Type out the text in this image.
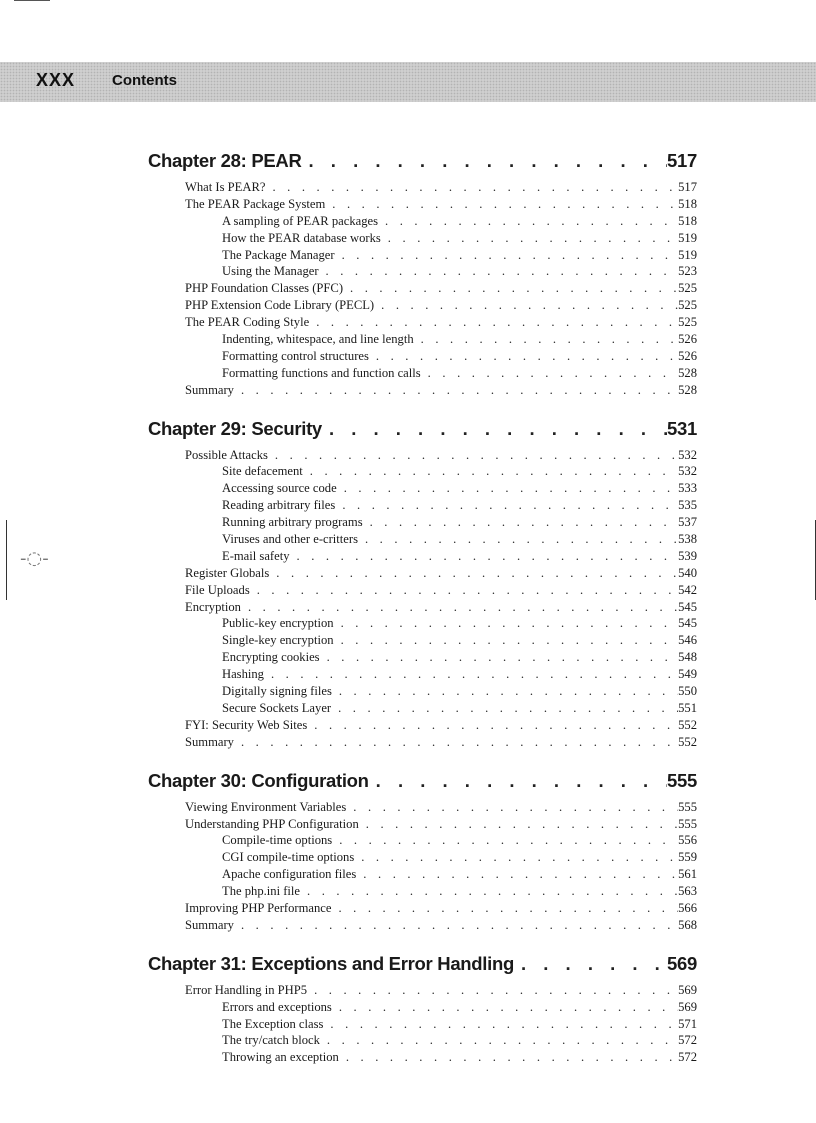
XXX Contents
-◌-
Chapter 28: PEAR . . .	517
What Is PEAR? . . .	517
The PEAR Package System . . .	518
A sampling of PEAR packages . . .	518
How the PEAR database works . . .	519
The Package Manager . . .	519
Using the Manager . . .	523
PHP Foundation Classes (PFC) . . .	525
PHP Extension Code Library (PECL) . . .	525
The PEAR Coding Style . . .	525
Indenting, whitespace, and line length . . .	526
Formatting control structures . . .	526
Formatting functions and function calls . . .	528
Summary . . .	528
Chapter 29: Security . . .	531
Possible Attacks . . .	532
Site defacement . . .	532
Accessing source code . . .	533
Reading arbitrary files . . .	535
Running arbitrary programs . . .	537
Viruses and other e-critters . . .	538
E-mail safety . . .	539
Register Globals . . .	540
File Uploads . . .	542
Encryption . . .	545
Public-key encryption . . .	545
Single-key encryption . . .	546
Encrypting cookies . . .	548
Hashing . . .	549
Digitally signing files . . .	550
Secure Sockets Layer . . .	551
FYI: Security Web Sites . . .	552
Summary . . .	552
Chapter 30: Configuration . . .	555
Viewing Environment Variables . . .	555
Understanding PHP Configuration . . .	555
Compile-time options . . .	556
CGI compile-time options . . .	559
Apache configuration files . . .	561
The php.ini file . . .	563
Improving PHP Performance . . .	566
Summary . . .	568
Chapter 31: Exceptions and Error Handling . . .	569
Error Handling in PHP5 . . .	569
Errors and exceptions . . .	569
The Exception class . . .	571
The try/catch block . . .	572
Throwing an exception . . .	572
